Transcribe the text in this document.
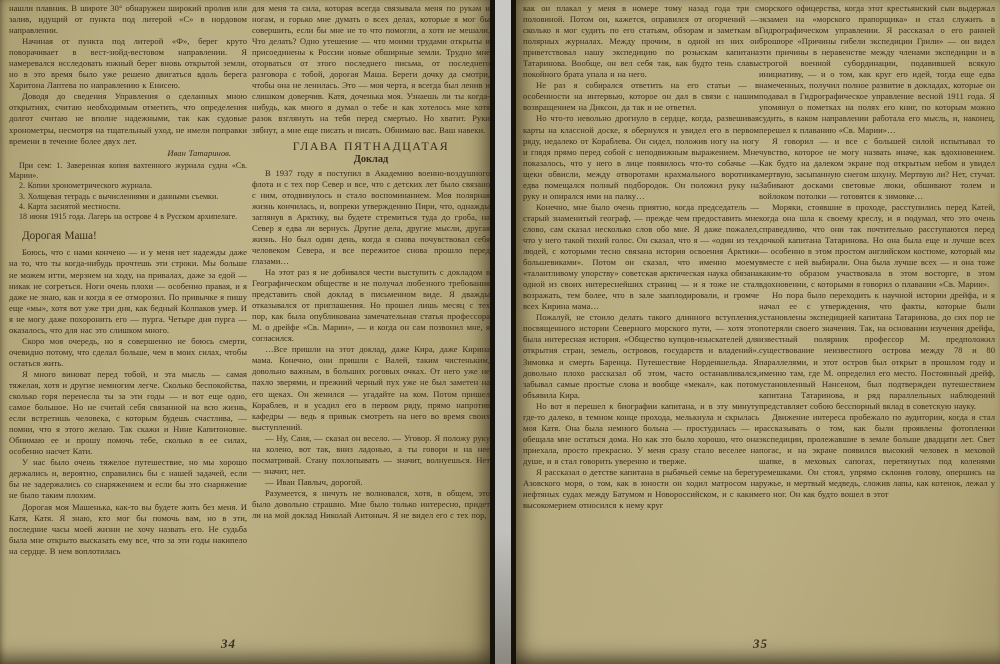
нашли плавник. В широте 30° обнаружен широкий пролив или залив, идущий от пункта под литерой «С» в нордовом направлении.

Начиная от пункта под литерой «Ф», берег круто поворачивает в вест-зюйд-вестовом направлении. Я намеревался исследовать южный берег вновь открытой земли, но в это время было уже решено двигаться вдоль берега Харитона Лаптева по направлению к Енисею.

Доводя до сведения Управления о сделанных мною открытиях, считаю необходимым отметить, что определения долгот считаю не вполне надежными, так как судовые хронометры, несмотря на тщательный уход, не имели поправки времени в течение более двух лет.

Иван Татаринов.

При сем: 1. Заверенная копия вахтенного журнала судна «Св. Марии».

2. Копии хронометрического журнала.

3. Холщевая тетрадь с вычислениями и данными съемки.

4. Карта заснятой местности.

18 июня 1915 года. Лагерь на острове 4 в Русском архипелаге.

Дорогая Маша!

Боюсь, что с нами кончено — и у меня нет надежды даже на то, что ты когда-нибудь прочтешь эти строки. Мы больше не можем итти, мерзнем на ходу, на привалах, даже за едой — никак не согреться. Ноги очень плохи — особенно правая, и я даже не знаю, как и когда я ее отморозил. По привычке я пишу еще «мы», хотя вот уже три дня, как бедный Колпаков умер. И я не могу даже похоронить его — пурга. Четыре дня пурга — оказалось, что для нас это слишком много.

Скоро моя очередь, но я совершенно не боюсь смерти, очевидно потому, что сделал больше, чем в моих силах, чтобы остаться жить.

Я много виноват перед тобой, и эта мысль — самая тяжелая, хотя и другие немногим легче. Сколько беспокойства, сколько горя перенесла ты за эти годы — и вот еще одно, самое большое. Но не считай себя связанной на всю жизнь, если встретишь человека, с которым будешь счастлива, — помни, что я этого желаю. Так скажи и Нине Капитоновне. Обнимаю ее и прошу помочь тебе, сколько в ее силах, особенно насчет Кати.

У нас было очень тяжелое путешествие, но мы хорошо держались и, вероятно, справились бы с нашей задачей, если бы не задержались со снаряжением и если бы это снаряжение не было таким плохим.

Дорогая моя Машенька, как-то вы будете жить без меня. И Катя, Катя. Я знаю, кто мог бы помочь вам, но в эти, последние часы моей жизни не хочу назвать его. Не судьба была мне открыто высказать ему все, что за эти годы накипело на сердце. В нем воплотилась

для меня та сила, которая всегда связывала меня по рукам и ногам, и горько мне думать о всех делах, которые я мог бы совершить, если бы мне не то что помогли, а хотя не мешали. Что делать? Одно утешение — что моими трудами открыты и присоединены к России новые обширные земли. Трудно мне оторваться от этого последнего письма, от последнего разговора с тобой, дорогая Маша. Береги дочку да смотри, чтобы она не ленилась. Это — моя черта, я всегда был ленив и слишком доверчив. Катя, доченька моя. Узнаешь ли ты когда-нибудь, как много я думал о тебе и как хотелось мне хотя разок взглянуть на тебя перед смертью. Но хватит. Руки зябнут, а мне еще писать и писать. Обнимаю вас. Ваш навеки.

ГЛАВА ПЯТНАДЦАТАЯ
Доклад

В 1937 году я поступил в Академию военно-воздушного флота и с тех пор Север и все, что с детских лет было связано с ним, отодвинулось и стало воспоминанием. Моя полярная жизнь кончилась, и, вопреки утверждению Пири, что, однажды заглянув в Арктику, вы будете стремиться туда до гроба, на Север я едва ли вернусь. Другие дела, другие мысли, другая жизнь. Но был один день, когда я снова почувствовал себя человеком Севера, и все пережитое снова прошло перед глазами…

На этот раз я не добивался чести выступить с докладом в Географическом обществе и не получал любезного требования представить свой доклад в письменном виде. Я дважды отказывался от приглашения. Но прошел лишь месяц с тех пор, как была опубликована замечательная статья профессора М. о дрейфе «Св. Марии», — и когда он сам позвонил мне, я согласился.

…Все пришли на этот доклад, даже Кира, даже Кирина мама. Конечно, они пришли с Валей, таким чистеньким, довольно важным, в больших роговых очках. От него уже не пахло зверями, и прежний черный пух уже не был заметен на его щеках. Он женился — угадайте на ком. Потом пришел Кораблев, и я усадил его в первом ряду, прямо напротив кафедры — ведь я привык смотреть на него во время своих выступлений.

— Ну, Саня, — сказал он весело. — Уговор. Я положу руку на колено, вот так, вниз ладонью, а ты говори и на нее посматривай. Стану похлопывать — значит, волнуешься. Нет — значит, нет.

— Иван Павлыч, дорогой.

Разумеется, я ничуть не волновался, хотя, в общем, это было довольно страшно. Мне было только интересно, придет ли на мой доклад Николай Антоныч. Я не видел его с тех пор,

34

как он плакал у меня в номере тому назад года три с половиной. Потом он, кажется, оправился от огорчений — сколько я мог судить по его статьям, обзорам и заметкам в полярных журналах. Между прочим, в одной из них он приветствовал нашу экспедицию по розыскам капитана Татаринова. Вообще, он вел себя так, как будто тень славы покойного брата упала и на него.

Не раз я собирался ответить на его статьи — в особенности на интервью, которое он дал в связи с нашим возвращением на Диксон, да так и не ответил.

Но что-то невольно дрогнуло в сердце, когда, развешивая карты на классной доске, я обернулся и увидел его в первом ряду, недалеко от Кораблева. Он сидел, положив ногу на ногу и глядя прямо перед собой с неподвижным выражением. Мне показалось, что у него в лице появилось что-то собачье — щеки обвисли, между отворотами крахмального воротника едва помещался полный подбородок. Он положил руку на руку и опирался ими на палку…

Конечно, мне было очень приятно, когда председатель — старый знаменитый географ, — прежде чем предоставить мне слово, сам сказал несколько слов обо мне. Я даже пожалел, что у него такой тихий голос. Он сказал, что я — «один из тех людей, с которыми тесно связана история освоения Арктики большевиками». Потом он сказал, что именно моему «талантливому упорству» советская арктическая наука обязана одной из своих интереснейших страниц — и я тоже не стал возражать, тем более, что в зале зааплодировали, и громче всех Кирина мама…

Пожалуй, не стоило делать такого длинного вступления, посвященного истории Северного морского пути, — хотя это была интересная история. «Общество купцов-изыскателей для открытия стран, земель, островов, государств и владений». Зимовка и смерть Баренца. Путешествие Норденшельда. Я довольно плохо рассказал об этом, часто останавливался, забывал самые простые слова и вообще «мекал», как потом объявила Кира.

Но вот я перешел к биографии капитана, и в эту минуту где-то далеко, в темном конце прохода, мелькнула и скрылась моя Катя. Она была немного больна — простудилась — и обещала мне остаться дома. Но как это было хорошо, что она приехала, просто прекрасно. У меня сразу стало веселее на душе, и я стал говорить уверенно и тверже.

Я рассказал о детстве капитана в рыбачьей семье на берегу Азовского моря, о том, как в юности он ходил матросом на нефтяных судах между Батумом и Новороссийском, и с каким высокомерием относился к нему круг

морского офицерства, когда этот крестьянский сын выдержал экзамен на «морского прапорщика» и стал служить в Гидрографическом управлении. Я рассказал о его ранней брошюре «Причины гибели экспедиции Грили» — он видел эти причины в неравенстве между членами экспедиции и в строгой военной субординации, подавившей всякую инициативу, — и о том, как круг его идей, тогда еще едва намеченных, получил полное развитие в докладах, которые он подавал в Гидрографическое управление весной 1911 года. Я упомянул о пометках на полях его книг, по которым можно судить, в каком направлении работала его мысль, и, наконец, перешел к плаванию «Св. Марии»…

Я говорил — и все с большей силой испытывал то чувство, которое не могу назвать иначе, как вдохновением. Как будто на далеком экране под открытым небом я увидел мертвую, засыпанную снегом шхуну. Мертвую ли? Нет, стучат. Забивают досками световые люки, обшивают толем и войлоком потолки — готовятся к зимовке…

Моряки, стоявшие в проходе, расступились перед Катей, когда она шла к своему креслу, и я подумал, что это очень справедливо, что они так почтительно расступаются перед дочкой капитана Татаринова. Но она была еще и лучше всех — особенно в этом простом английском костюме, который мы вместе с ней выбирали. Она была лучше всех — и она тоже каким-то образом участвовала в этом восторге, в этом вдохновении, с которыми я говорил о плавании «Св. Марии».

Но пора было переходить к научной истории дрейфа, и я начал ее с утверждения, что факты, которые были установлены экспедицией капитана Татаринова, до сих пор не потеряли своего значения. Так, на основании изучения дрейфа, известный полярник профессор М. предположил существование неизвестного острова между 78 и 80 параллелями, и этот остров был открыт в прошлом году и именно там, где М. определил его место. Постоянный дрейф, установленный Нансеном, был подтвержден путешествием капитана Татаринова, и ряд параллельных наблюдений представляет собою бесспорный вклад в советскую науку.

Движение интереса пробежало по аудитории, когда я стал рассказывать о том, как были проявлены фотопленки экспедиции, пролежавшие в земле больше двадцати лет. Свет погас, и на экране появился высокий человек в меховой шапке, в меховых сапогах, перетянутых под коленями ремешками. Он стоял, упрямо склонив голову, опершись на ружье, и мертвый медведь, сложив лапы, как котенок, лежал у его ног. Он как будто вошел в этот

35
